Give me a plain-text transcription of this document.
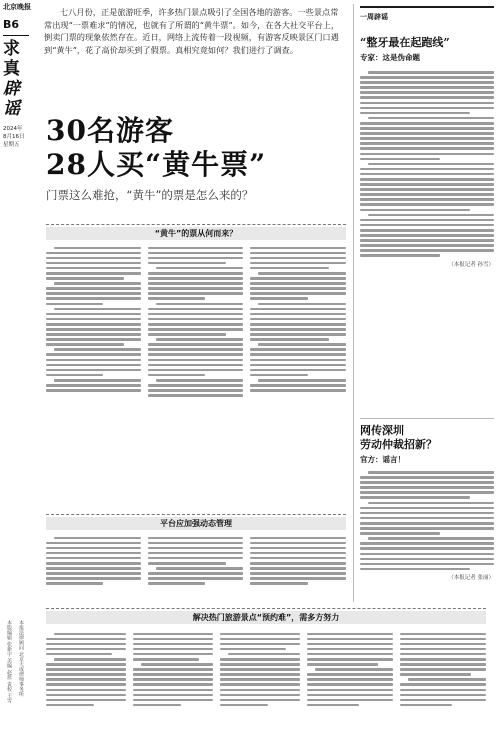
北京晚报
B6
求
真
辟
谣
2024年
8月16日
星期五
本版编辑 张新宇 美编 赵蓝 责校 王雪	本报法律顾问 北京大成律师事务所
七八月份，正是旅游旺季，许多热门景点吸引了全国各地的游客。一些景点常常出现“一票难求”的情况，也就有了所谓的“黄牛票”。如今，在各大社交平台上，倒卖门票的现象依然存在。近日，网络上流传着一段视频，有游客反映景区门口遇到“黄牛”，花了高价却买到了假票。真相究竟如何？我们进行了调查。
30名游客
28人买“黄牛票”
门票这么难抢，“黄牛”的票是怎么来的？
“黄牛”的票从何而来？
平台应加强动态管理
解决热门旅游景点“预约难”，需多方努力
一周辟谣
“整牙最在起跑线”
专家：这是伪命题
（本报记者 孙雪）
网传深圳
劳动仲裁招新？
官方：谣言！
（本报记者 张丽）
